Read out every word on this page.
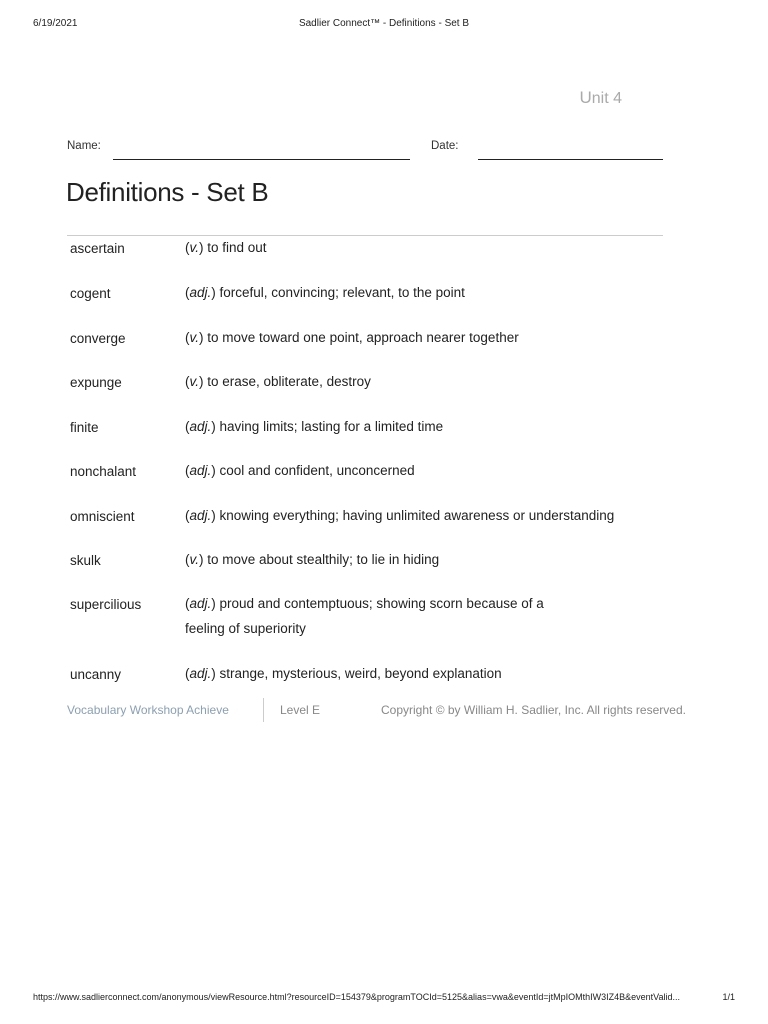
6/19/2021	Sadlier Connect™ - Definitions - Set B
Unit 4
Name:	Date:
Definitions - Set B
ascertain	(v.) to find out
cogent	(adj.) forceful, convincing; relevant, to the point
converge	(v.) to move toward one point, approach nearer together
expunge	(v.) to erase, obliterate, destroy
finite	(adj.) having limits; lasting for a limited time
nonchalant	(adj.) cool and confident, unconcerned
omniscient	(adj.) knowing everything; having unlimited awareness or understanding
skulk	(v.) to move about stealthily; to lie in hiding
supercilious	(adj.) proud and contemptuous; showing scorn because of a feeling of superiority
uncanny	(adj.) strange, mysterious, weird, beyond explanation
Vocabulary Workshop Achieve	Level E	Copyright © by William H. Sadlier, Inc. All rights reserved.
https://www.sadlierconnect.com/anonymous/viewResource.html?resourceID=154379&programTOCId=5125&alias=vwa&eventId=jtMpIOMthIW3IZ4B&eventValid...	1/1
